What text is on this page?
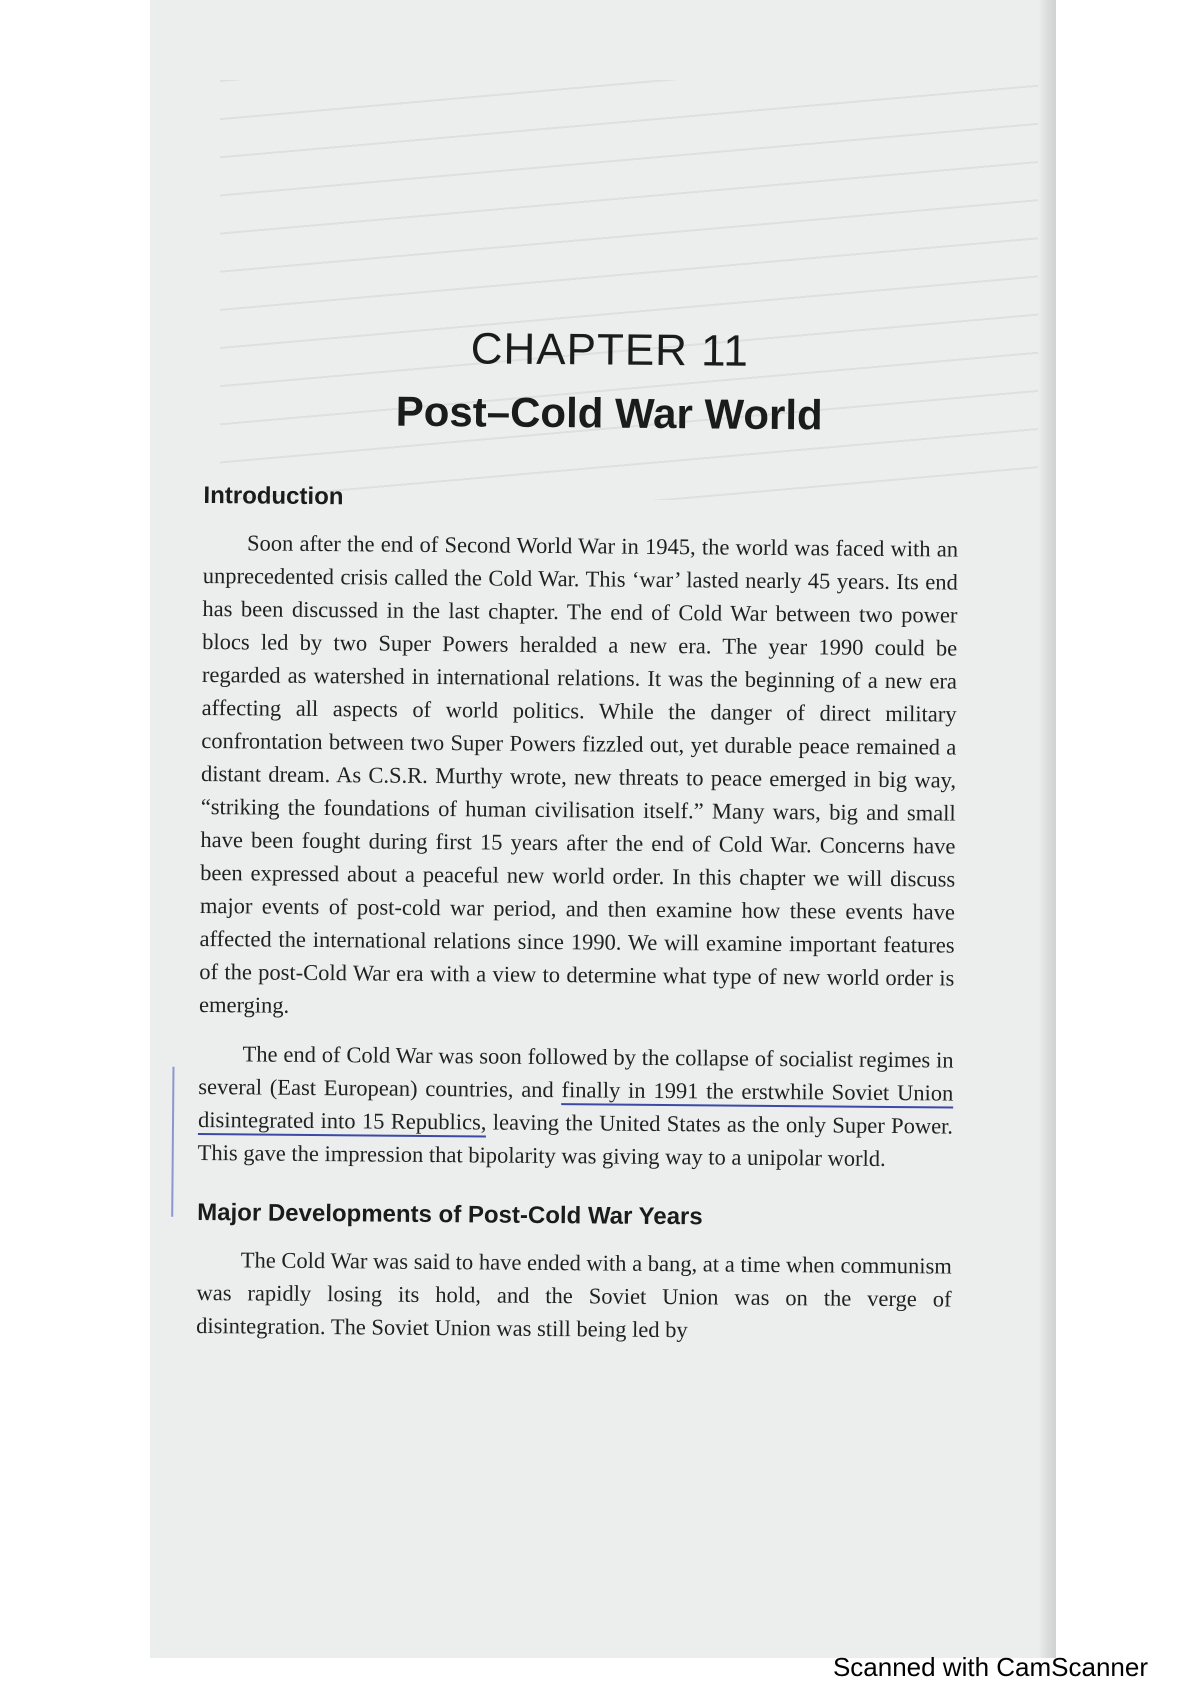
CHAPTER 11
Post–Cold War World
Introduction

Soon after the end of Second World War in 1945, the world was faced with an unprecedented crisis called the Cold War. This ‘war’ lasted nearly 45 years. Its end has been discussed in the last chapter. The end of Cold War between two power blocs led by two Super Powers heralded a new era. The year 1990 could be regarded as watershed in international relations. It was the beginning of a new era affecting all aspects of world politics. While the danger of direct military confrontation between two Super Powers fizzled out, yet durable peace remained a distant dream. As C.S.R. Murthy wrote, new threats to peace emerged in big way, “striking the foundations of human civilisation itself.” Many wars, big and small have been fought during first 15 years after the end of Cold War. Concerns have been expressed about a peaceful new world order. In this chapter we will discuss major events of post-cold war period, and then examine how these events have affected the international relations since 1990. We will examine important features of the post-Cold War era with a view to determine what type of new world order is emerging.

The end of Cold War was soon followed by the collapse of socialist regimes in several (East European) countries, and finally in 1991 the erstwhile Soviet Union disintegrated into 15 Republics, leaving the United States as the only Super Power. This gave the impression that bipolarity was giving way to a unipolar world.

Major Developments of Post-Cold War Years

The Cold War was said to have ended with a bang, at a time when communism was rapidly losing its hold, and the Soviet Union was on the verge of disintegration. The Soviet Union was still being led by

Scanned with CamScanner
